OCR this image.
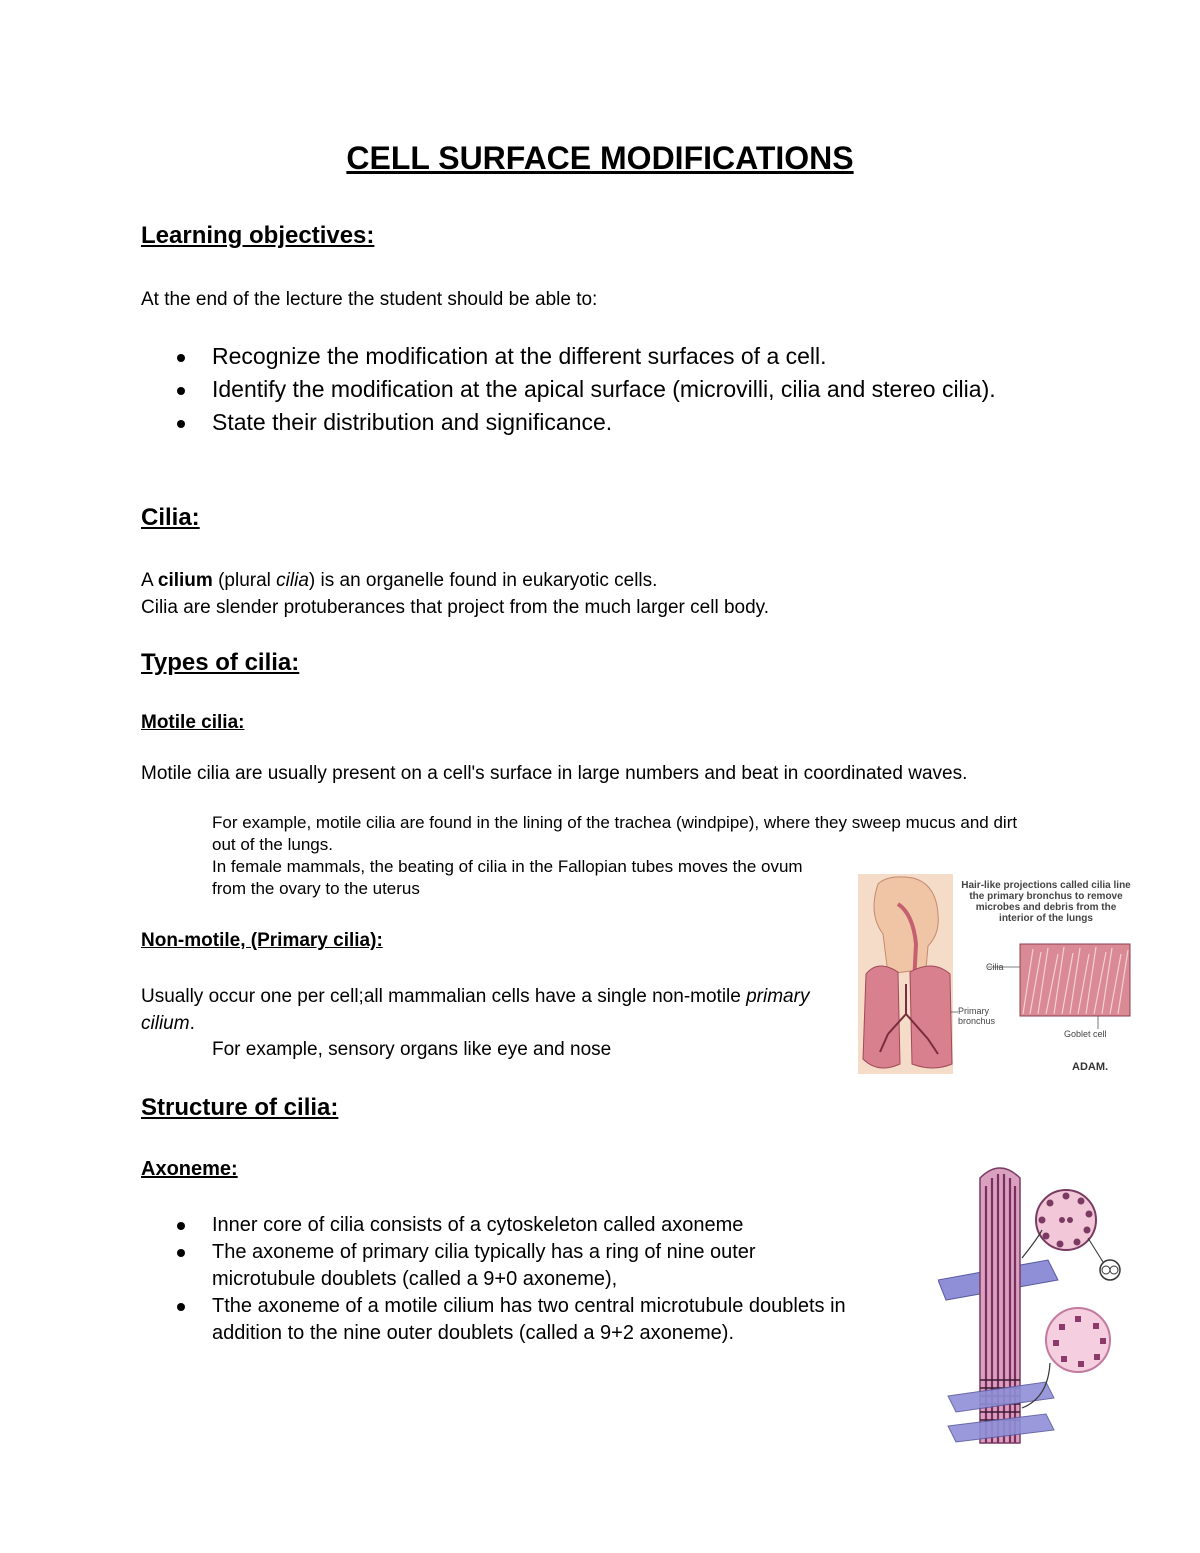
CELL SURFACE MODIFICATIONS
Learning objectives:

At the end of the lecture the student should be able to:

Recognize the modification at the different surfaces of a cell.
Identify the modification at the apical surface (microvilli, cilia and stereo cilia).
State their distribution and significance.
Cilia:

A cilium (plural cilia) is an organelle found in eukaryotic cells.
Cilia are slender protuberances that project from the much larger cell body.

Types of cilia:
Motile cilia:

Motile cilia are usually present on a cell's surface in large numbers and beat in coordinated waves.

For example, motile cilia are found in the lining of the trachea (windpipe), where they sweep mucus and dirt out of the lungs.

In female mammals, the beating of cilia in the Fallopian tubes moves the ovum from the ovary to the uterus

Non-motile, (Primary cilia):

Usually occur one per cell;all mammalian cells have a single non-motile primary cilium.

For example, sensory organs like eye and nose

Hair-like projections called cilia line the primary bronchus to remove microbes and debris from the interior of the lungs
Cilia
Primary bronchus
Goblet cell
ADAM.
Structure of cilia:
Axoneme:
Inner core of cilia consists of a cytoskeleton called axoneme
The axoneme of primary cilia typically has a ring of nine outer microtubule doublets (called a 9+0 axoneme),
Tthe axoneme of a motile cilium has two central microtubule doublets in addition to the nine outer doublets (called a 9+2 axoneme).
